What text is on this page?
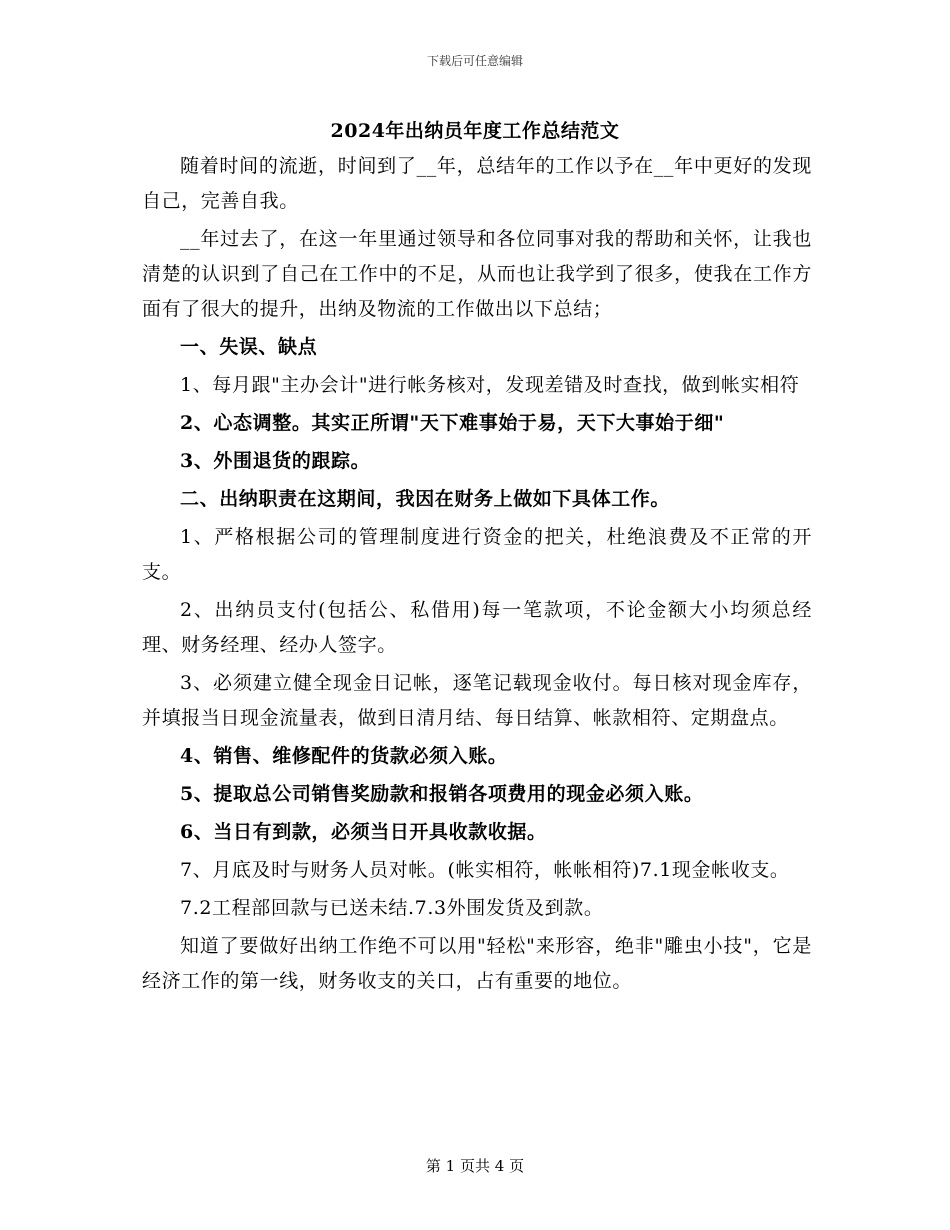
下载后可任意编辑
2024年出纳员年度工作总结范文

随着时间的流逝，时间到了__年，总结年的工作以予在__年中更好的发现自己，完善自我。

__年过去了，在这一年里通过领导和各位同事对我的帮助和关怀，让我也清楚的认识到了自己在工作中的不足，从而也让我学到了很多，使我在工作方面有了很大的提升，出纳及物流的工作做出以下总结；

一、失误、缺点

1、每月跟"主办会计"进行帐务核对，发现差错及时查找，做到帐实相符

2、心态调整。其实正所谓"天下难事始于易，天下大事始于细"

3、外围退货的跟踪。

二、出纳职责在这期间，我因在财务上做如下具体工作。

1、严格根据公司的管理制度进行资金的把关，杜绝浪费及不正常的开支。

2、出纳员支付(包括公、私借用)每一笔款项，不论金额大小均须总经理、财务经理、经办人签字。

3、必须建立健全现金日记帐，逐笔记载现金收付。每日核对现金库存，并填报当日现金流量表，做到日清月结、每日结算、帐款相符、定期盘点。

4、销售、维修配件的货款必须入账。

5、提取总公司销售奖励款和报销各项费用的现金必须入账。

6、当日有到款，必须当日开具收款收据。

7、月底及时与财务人员对帐。(帐实相符，帐帐相符)7.1现金帐收支。

7.2工程部回款与已送未结.7.3外围发货及到款。

知道了要做好出纳工作绝不可以用"轻松"来形容，绝非"雕虫小技"，它是经济工作的第一线，财务收支的关口，占有重要的地位。

第 1 页共 4 页
